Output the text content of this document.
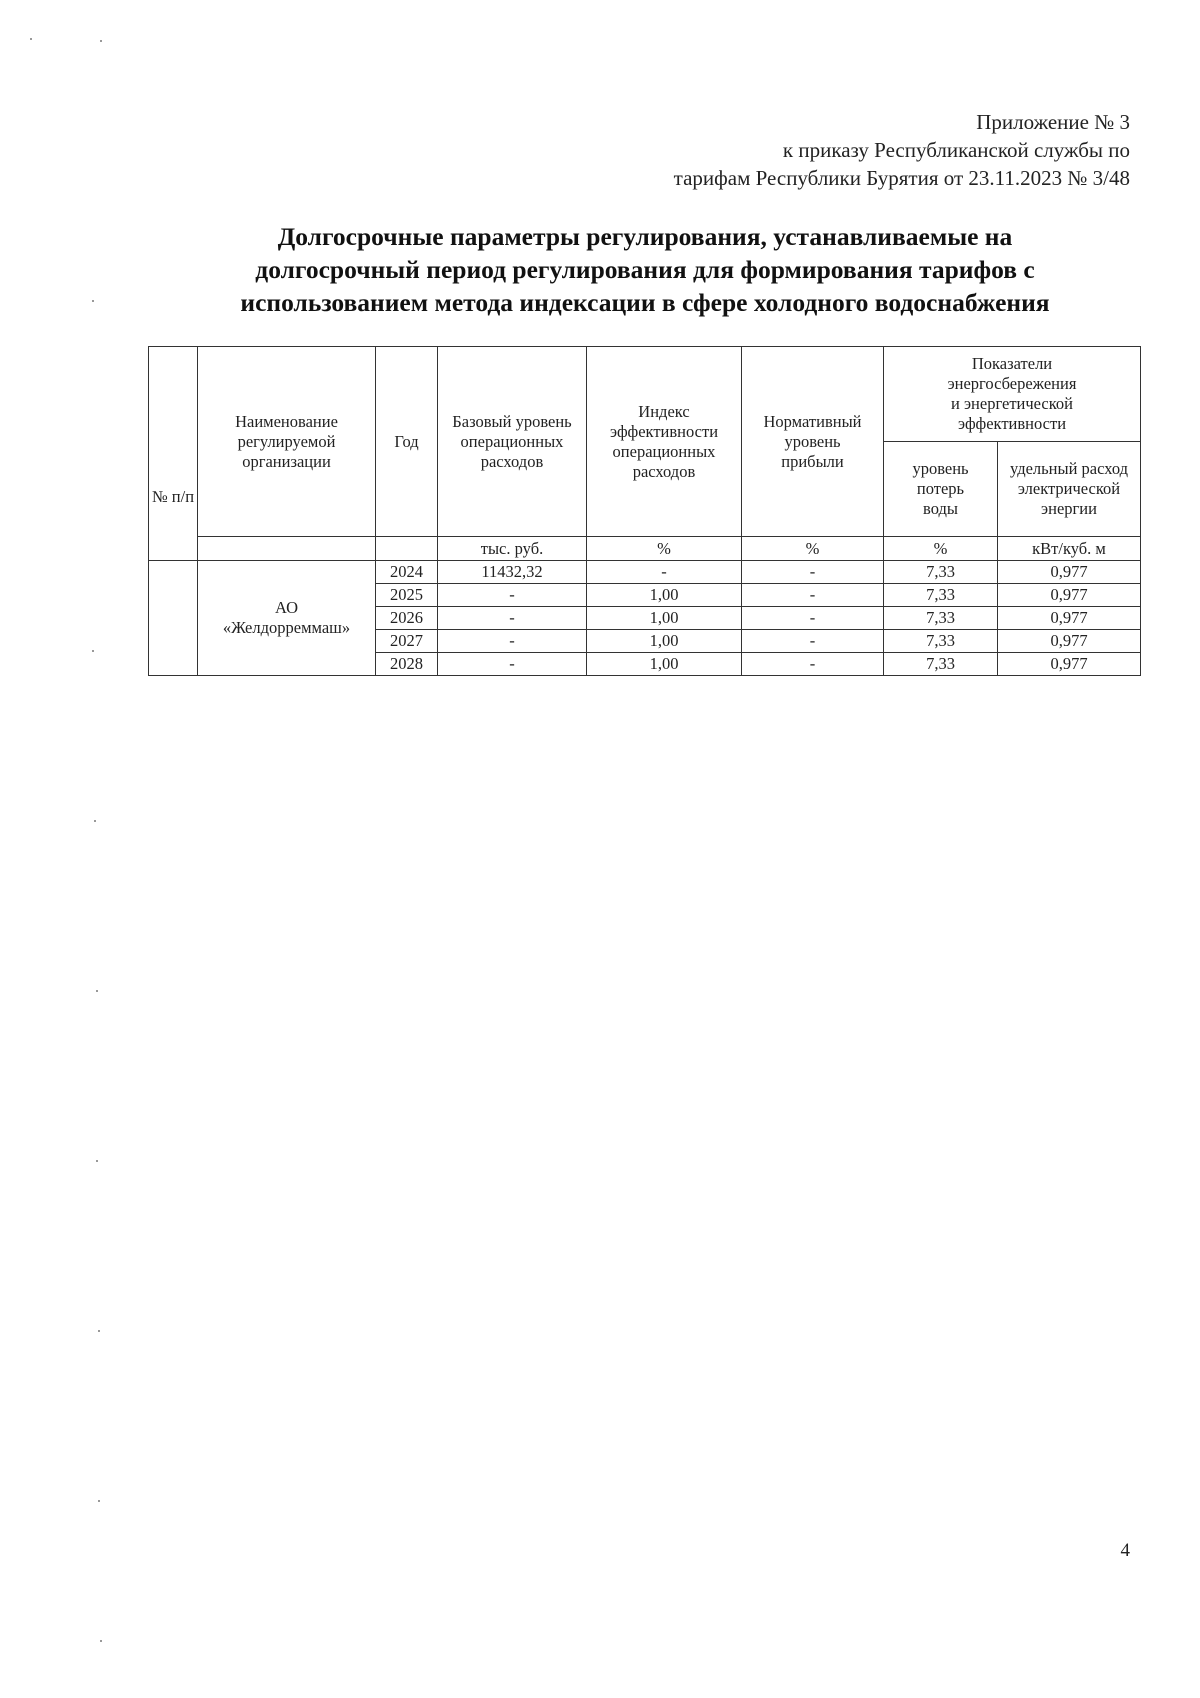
Приложение № 3
к приказу Республиканской службы по
тарифам Республики Бурятия от 23.11.2023 № 3/48
Долгосрочные параметры регулирования, устанавливаемые на
долгосрочный период регулирования для формирования тарифов с
использованием метода индексации в сфере холодного водоснабжения
№ п/п	Наименование регулируемой организации	Год	Базовый уровень операционных расходов	Индекс эффективности операционных расходов	Нормативный уровень прибыли	Показатели энергосбережения и энергетической эффективности	
						уровень потерь воды	удельный расход электрической энергии
			тыс. руб.	%	%	%	кВт/куб. м
	АО «Желдорреммаш»	2024	11432,32	-	-	7,33	0,977
		2025	-	1,00	-	7,33	0,977
		2026	-	1,00	-	7,33	0,977
		2027	-	1,00	-	7,33	0,977
		2028	-	1,00	-	7,33	0,977
4
